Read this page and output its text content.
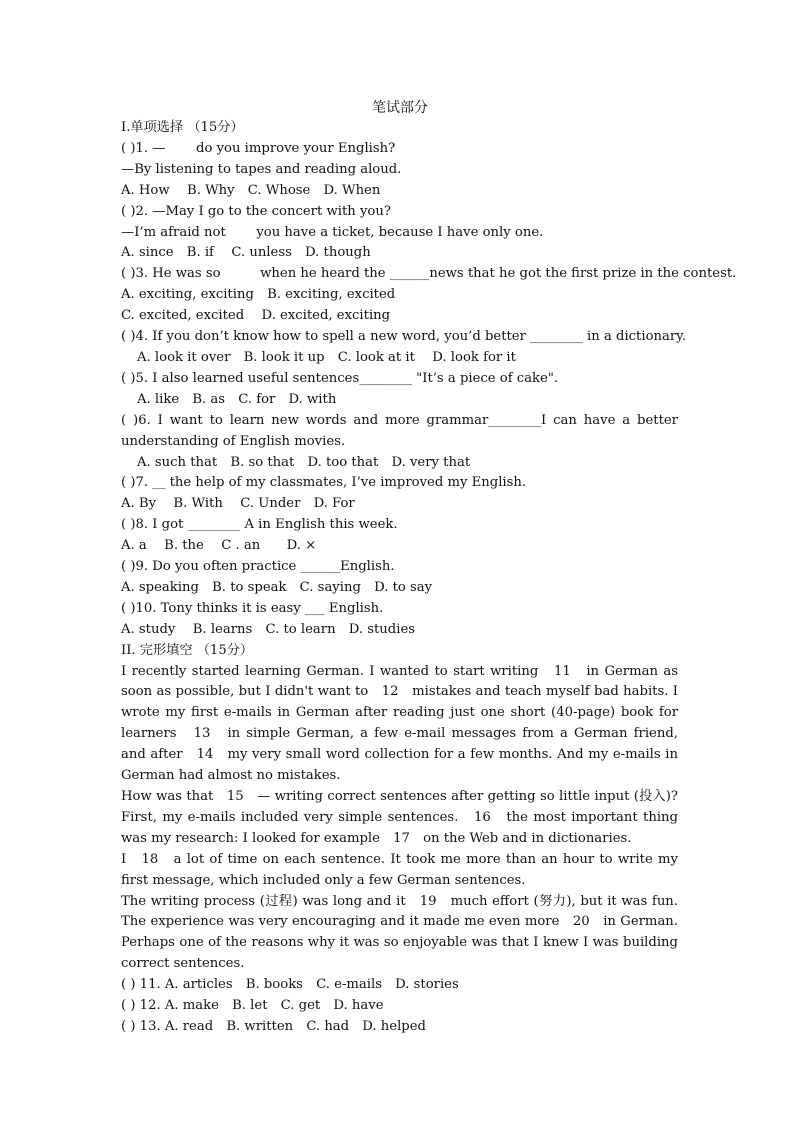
笔试部分
Ⅰ.单项选择 （15分）
( )1. —　　 do you improve your English?
—By listening to tapes and reading aloud.
A. How　 B. Why　C. Whose　D. When
( )2. —May I go to the concert with you?
—I’m afraid not　　 you have a ticket, because I have only one.
A. since　B. if　 C. unless　D. though
( )3. He was so　　　when he heard the ______news that he got the first prize in the contest.
A. exciting, exciting　B. exciting, excited
C. excited, excited　 D. excited, exciting
( )4. If you don’t know how to spell a new word, you’d better ________ in a dictionary.
A. look it over　B. look it up　C. look at it　 D. look for it
( )5. I also learned useful sentences________ "It’s a piece of cake".
A. like　B. as　C. for　D. with
( )6. I want to learn new words and more grammar________I can have a better understanding of English movies.
A. such that　B. so that　D. too that　D. very that
( )7. __ the help of my classmates, I’ve improved my English.
A. By　 B. With　 C. Under　D. For
( )8. I got ________ A in English this week.
A. a　 B. the　 C . an　　D. ×
( )9. Do you often practice ______English.
A. speaking　B. to speak　C. saying　D. to say
( )10. Tony thinks it is easy ___ English.
A. study　 B. learns　C. to learn　D. studies
II. 完形填空 （15分）
I recently started learning German. I wanted to start writing　11　in German as soon as possible, but I didn't want to　12　mistakes and teach myself bad habits. I wrote my first e-mails in German after reading just one short (40-page) book for learners　13　in simple German, a few e-mail messages from a German friend, and after　14　my very small word collection for a few months. And my e-mails in German had almost no mistakes.
How was that　15　— writing correct sentences after getting so little input (投入)? First, my e-mails included very simple sentences.　16　the most important thing was my research: I looked for example　17　on the Web and in dictionaries.
I　18　a lot of time on each sentence. It took me more than an hour to write my first message, which included only a few German sentences.
The writing process (过程) was long and it　19　much effort (努力), but it was fun. The experience was very encouraging and it made me even more　20　in German. Perhaps one of the reasons why it was so enjoyable was that I knew I was building correct sentences.
( ) 11. A. articles　B. books　C. e-mails　D. stories
( ) 12. A. make　B. let　C. get　D. have
( ) 13. A. read　B. written　C. had　D. helped
